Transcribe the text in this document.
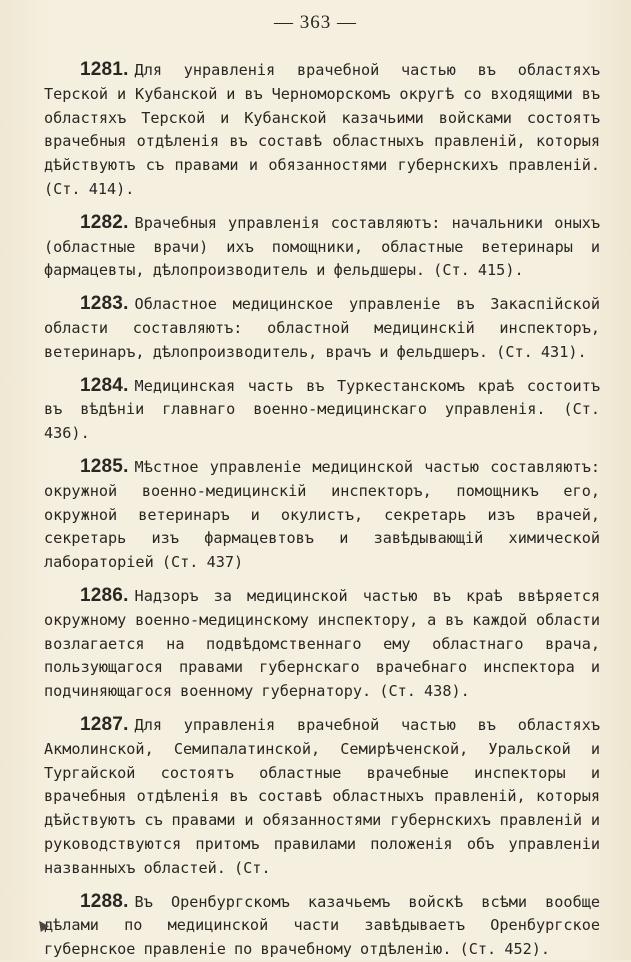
— 363 —

1281. Для унравленія врачебной частью въ областяхъ Терской и Кубанской и въ Черноморскомъ округѣ со входящими въ областяхъ Терской и Кубанской казачьими войсками состоятъ врачебныя отдѣленія въ составѣ областныхъ правленій, которыя дѣйствуютъ съ правами и обязанностями губернскихъ правленій. (Ст. 414).

1282. Врачебныя управленія составляютъ: начальники оныхъ (областные врачи) ихъ помощники, областные ветеринары и фармацевты, дѣлопроизводитель и фельдшеры. (Ст. 415).

1283. Областное медицинское управленіе въ Закаспійской области составляютъ: областной медицинскій инспекторъ, ветеринаръ, дѣлопроизводитель, врачъ и фельдшеръ. (Ст. 431).

1284. Медицинская часть въ Туркестанскомъ краѣ состоитъ въ вѣдѣніи главнаго военно-медицинскаго управленія. (Ст. 436).

1285. Мѣстное управленіе медицинской частью составляютъ: окружной военно-медицинскій инспекторъ, помощникъ его, окружной ветеринаръ и окулистъ, секретарь изъ врачей, секретарь изъ фармацевтовъ и завѣдывающій химической лабораторіей (Ст. 437)

1286. Надзоръ за медицинской частью въ краѣ ввѣряется окружному военно-медицинскому инспектору, а въ каждой области возлагается на подвѣдомственнаго ему областнаго врача, пользующагося правами губернскаго врачебнаго инспектора и подчиняющагося военному губернатору. (Ст. 438).

1287. Для управленія врачебной частью въ областяхъ Акмолинской, Семипалатинской, Семирѣченской, Уральской и Тургайской состоятъ областные врачебные инспекторы и врачебныя отдѣленія въ составѣ областныхъ правленій, которыя дѣйствуютъ съ правами и обязанностями губернскихъ правленій и руководствуются притомъ правилами положенія объ управленіи названныхъ областей. (Ст.

1288. Въ Оренбургскомъ казачьемъ войскѣ всѣми вообще дѣлами по медицинской части завѣдываетъ Оренбургское губернское правленіе по врачебному отдѣленію. (Ст. 452).
